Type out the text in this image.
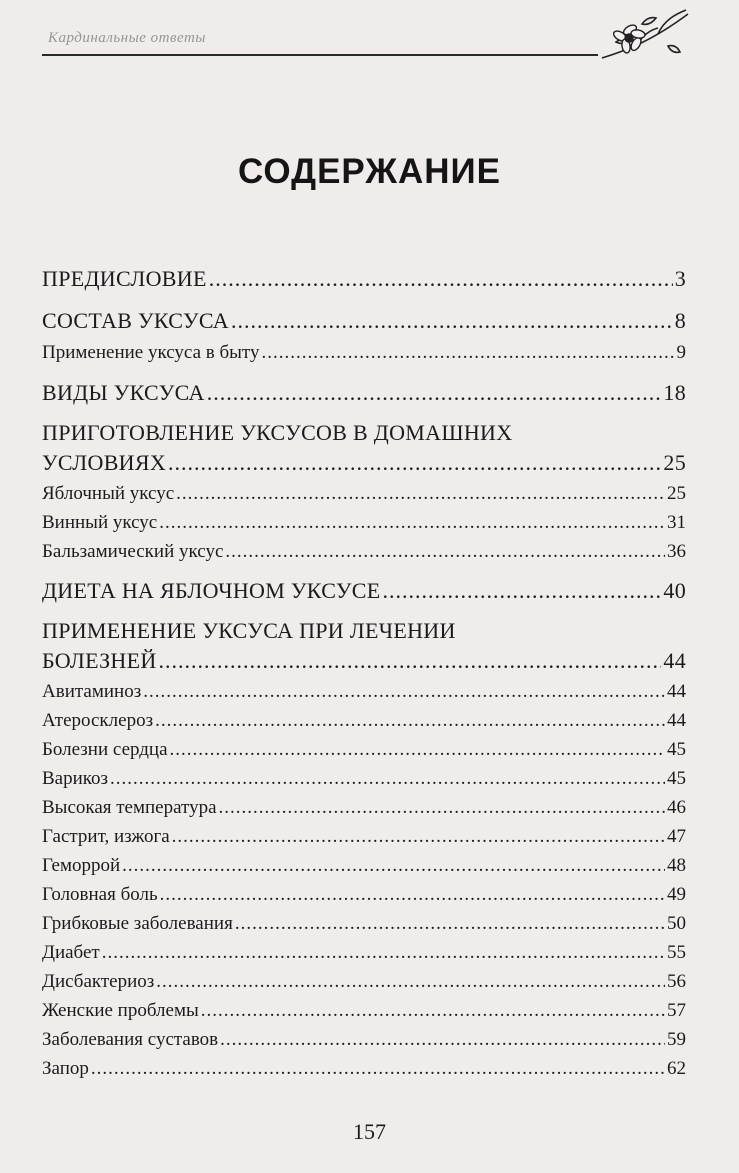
Кардинальные ответы
СОДЕРЖАНИЕ
ПРЕДИСЛОВИЕ .....	3
СОСТАВ УКСУСА .....	8
Применение уксуса в быту .....	9
ВИДЫ УКСУСА .....	18
ПРИГОТОВЛЕНИЕ УКСУСОВ В ДОМАШНИХ
УСЛОВИЯХ .....	25
Яблочный уксус .....	25
Винный уксус .....	31
Бальзамический уксус .....	36
ДИЕТА НА ЯБЛОЧНОМ УКСУСЕ .....	40
ПРИМЕНЕНИЕ УКСУСА ПРИ ЛЕЧЕНИИ
БОЛЕЗНЕЙ .....	44
Авитаминоз .....	44
Атеросклероз .....	44
Болезни сердца .....	45
Варикоз .....	45
Высокая температура .....	46
Гастрит, изжога .....	47
Геморрой .....	48
Головная боль .....	49
Грибковые заболевания .....	50
Диабет .....	55
Дисбактериоз .....	56
Женские проблемы .....	57
Заболевания суставов .....	59
Запор .....	62
157
